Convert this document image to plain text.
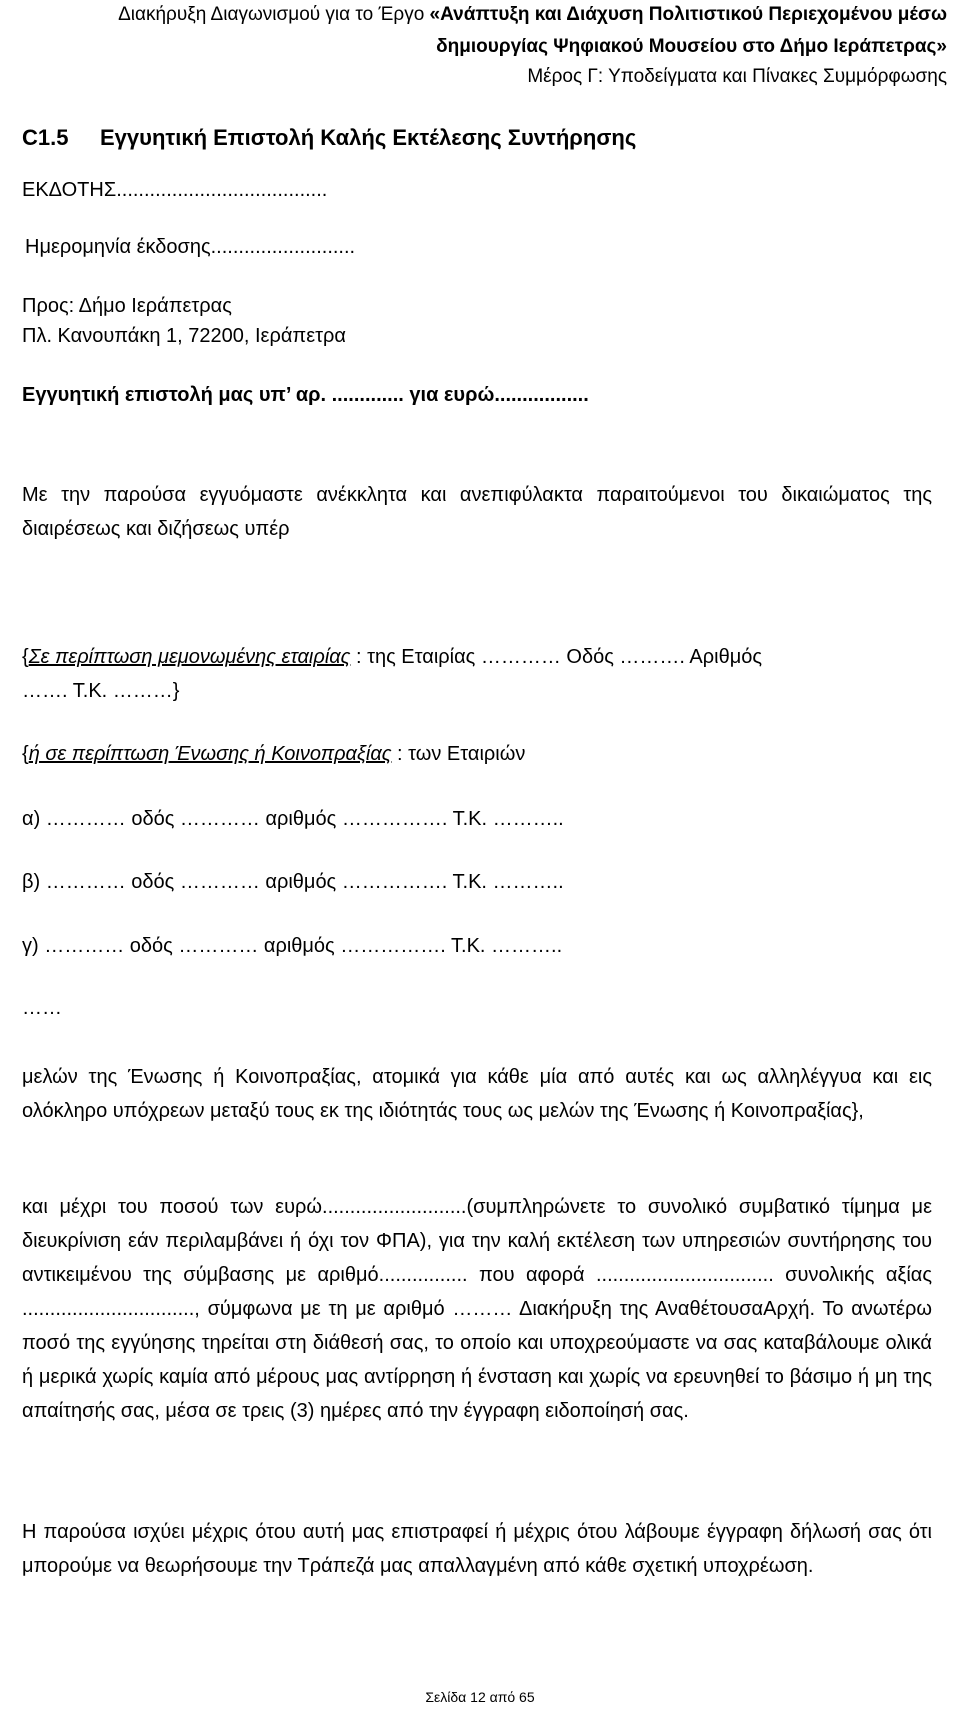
Διακήρυξη Διαγωνισμού για το Έργο «Ανάπτυξη και Διάχυση Πολιτιστικού Περιεχομένου μέσω
δημιουργίας Ψηφιακού Μουσείου στο Δήμο Ιεράπετρας»
Μέρος Γ: Υποδείγματα και Πίνακες Συμμόρφωσης
C1.5 Εγγυητική Επιστολή Καλής Εκτέλεσης Συντήρησης
ΕΚΔΟΤΗΣ......................................
Ημερομηνία έκδοσης..........................
Προς: Δήμο Ιεράπετρας
Πλ. Κανουπάκη 1, 72200, Ιεράπετρα
Εγγυητική επιστολή μας υπ’ αρ. ............. για ευρώ.................
Με την παρούσα εγγυόμαστε ανέκκλητα και ανεπιφύλακτα παραιτούμενοι του δικαιώματος της διαιρέσεως και διζήσεως υπέρ
{Σε περίπτωση μεμονωμένης εταιρίας : της Εταιρίας ………… Οδός ………. Αριθμός
……. Τ.Κ. ………}
{ή σε περίπτωση Ένωσης ή Κοινοπραξίας : των Εταιριών
α) ………… οδός ………… αριθμός ……………. Τ.Κ. ………..
β) ………… οδός ………… αριθμός ……………. Τ.Κ. ………..
γ) ………… οδός ………… αριθμός ……………. Τ.Κ. ………..
……
μελών της Ένωσης ή Κοινοπραξίας, ατομικά για κάθε μία από αυτές και ως αλληλέγγυα και εις ολόκληρο υπόχρεων μεταξύ τους εκ της ιδιότητάς τους ως μελών της Ένωσης ή Κοινοπραξίας},
και μέχρι του ποσού των ευρώ..........................(συμπληρώνετε το συνολικό συμβατικό τίμημα με διευκρίνιση εάν περιλαμβάνει ή όχι τον ΦΠΑ), για την καλή εκτέλεση των υπηρεσιών συντήρησης του αντικειμένου της σύμβασης με αριθμό................ που αφορά ................................ συνολικής αξίας ..............................., σύμφωνα με τη με αριθμό ……… Διακήρυξη της ΑναθέτουσαΑρχή. Το ανωτέρω ποσό της εγγύησης τηρείται στη διάθεσή σας, το οποίο και υποχρεούμαστε να σας καταβάλουμε ολικά ή μερικά χωρίς καμία από μέρους μας αντίρρηση ή ένσταση και χωρίς να ερευνηθεί το βάσιμο ή μη της απαίτησής σας, μέσα σε τρεις (3) ημέρες από την έγγραφη ειδοποίησή σας.
Η παρούσα ισχύει μέχρις ότου αυτή μας επιστραφεί ή μέχρις ότου λάβουμε έγγραφη δήλωσή σας ότι μπορούμε να θεωρήσουμε την Τράπεζά μας απαλλαγμένη από κάθε σχετική υποχρέωση.
Σελίδα 12 από 65
